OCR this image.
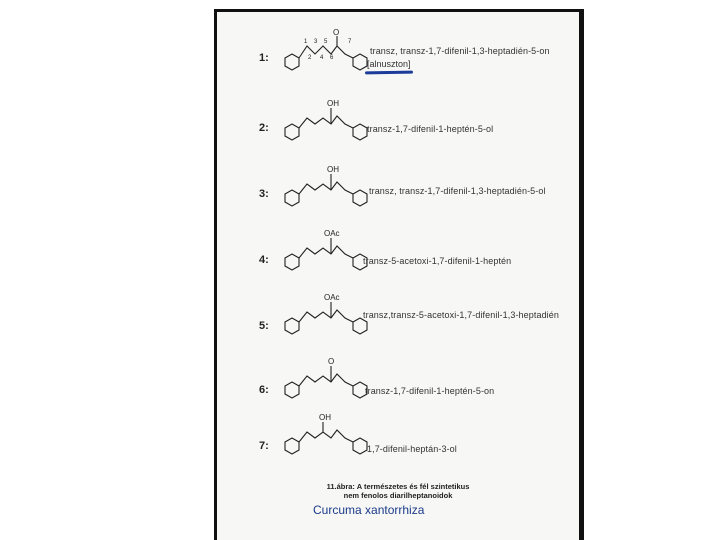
1:
O
1 3 5	7
2 4 6
transz, transz-1,7-difenil-1,3-heptadién-5-on
[alnuszton]
2:
OH
transz-1,7-difenil-1-heptén-5-ol
3:
OH
transz, transz-1,7-difenil-1,3-heptadién-5-ol
4:
OAc
transz-5-acetoxi-1,7-difenil-1-heptén
5:
OAc
transz,transz-5-acetoxi-1,7-difenil-1,3-heptadién
6:
O
transz-1,7-difenil-1-heptén-5-on
7:
OH
1,7-difenil-heptán-3-ol
11.ábra: A természetes és fél szintetikus
nem fenolos diarilheptanoidok
Curcuma xantorrhiza
